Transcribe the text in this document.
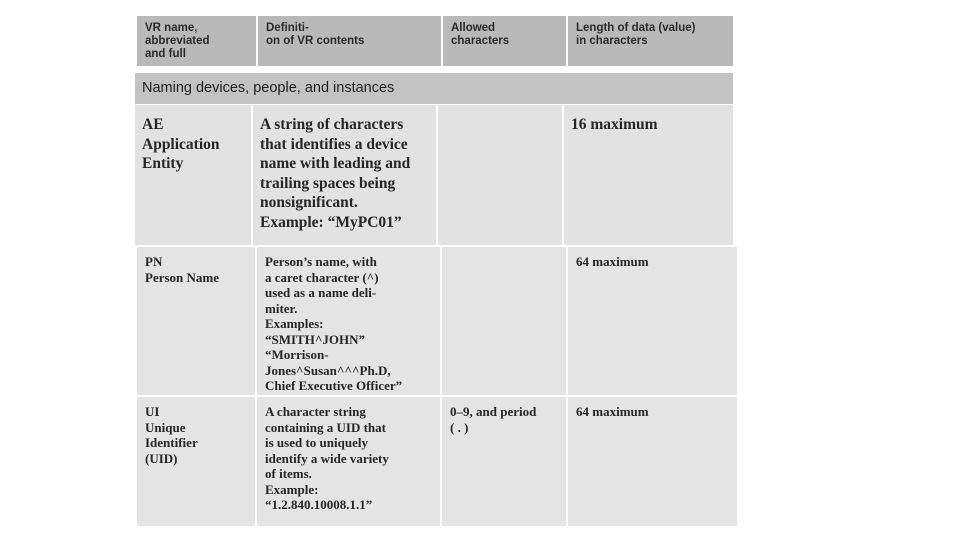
VR name,
abbreviated
and full
Definiti-
on of VR contents
Allowed
characters
Length of data (value)
in characters
Naming devices, people, and instances
AE
Application
Entity
A string of characters
that identifies a device
name with leading and
trailing spaces being
nonsignificant.
Example: “MyPC01”
16 maximum
PN
Person Name
Person’s name, with
a caret character (^)
used as a name deli-
miter.
Examples:
“SMITH^JOHN”
“Morrison-
Jones^Susan^^^Ph.D,
Chief Executive Officer”
64 maximum
UI
Unique
Identifier
(UID)
A character string
containing a UID that
is used to uniquely
identify a wide variety
of items.
Example:
“1.2.840.10008.1.1”
0–9, and period
( . )
64 maximum
